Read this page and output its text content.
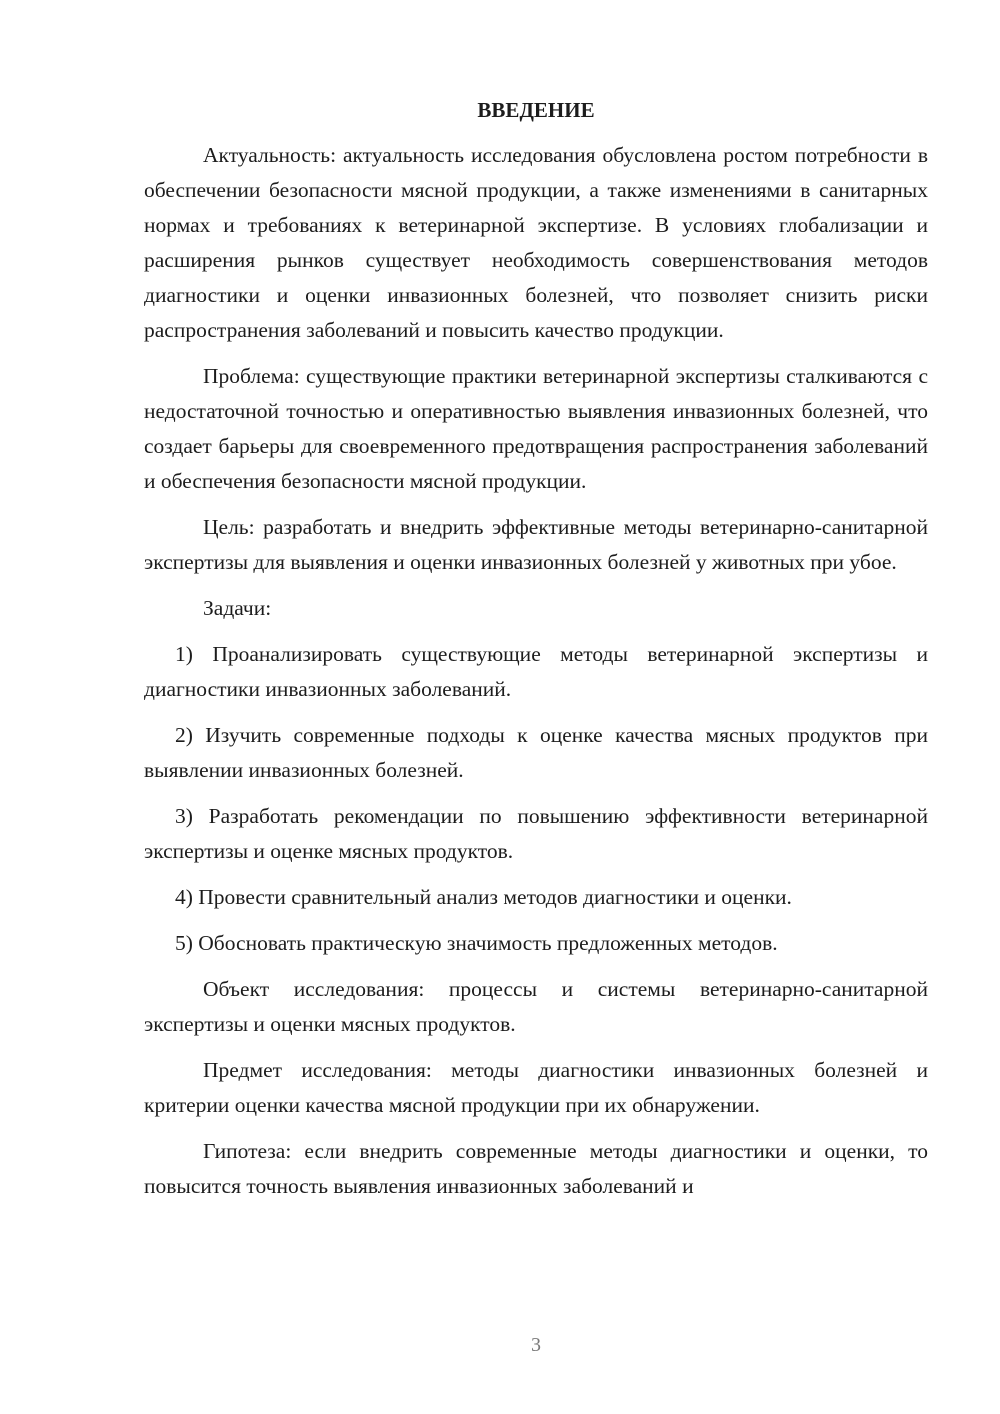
ВВЕДЕНИЕ

Актуальность: актуальность исследования обусловлена ростом потребности в обеспечении безопасности мясной продукции, а также изменениями в санитарных нормах и требованиях к ветеринарной экспертизе. В условиях глобализации и расширения рынков существует необходимость совершенствования методов диагностики и оценки инвазионных болезней, что позволяет снизить риски распространения заболеваний и повысить качество продукции.

Проблема: существующие практики ветеринарной экспертизы сталкиваются с недостаточной точностью и оперативностью выявления инвазионных болезней, что создает барьеры для своевременного предотвращения распространения заболеваний и обеспечения безопасности мясной продукции.

Цель: разработать и внедрить эффективные методы ветеринарно-санитарной экспертизы для выявления и оценки инвазионных болезней у животных при убое.

Задачи:

1) Проанализировать существующие методы ветеринарной экспертизы и диагностики инвазионных заболеваний.

2) Изучить современные подходы к оценке качества мясных продуктов при выявлении инвазионных болезней.

3) Разработать рекомендации по повышению эффективности ветеринарной экспертизы и оценке мясных продуктов.

4) Провести сравнительный анализ методов диагностики и оценки.

5) Обосновать практическую значимость предложенных методов.

Объект исследования: процессы и системы ветеринарно-санитарной экспертизы и оценки мясных продуктов.

Предмет исследования: методы диагностики инвазионных болезней и критерии оценки качества мясной продукции при их обнаружении.

Гипотеза: если внедрить современные методы диагностики и оценки, то повысится точность выявления инвазионных заболеваний и

3
